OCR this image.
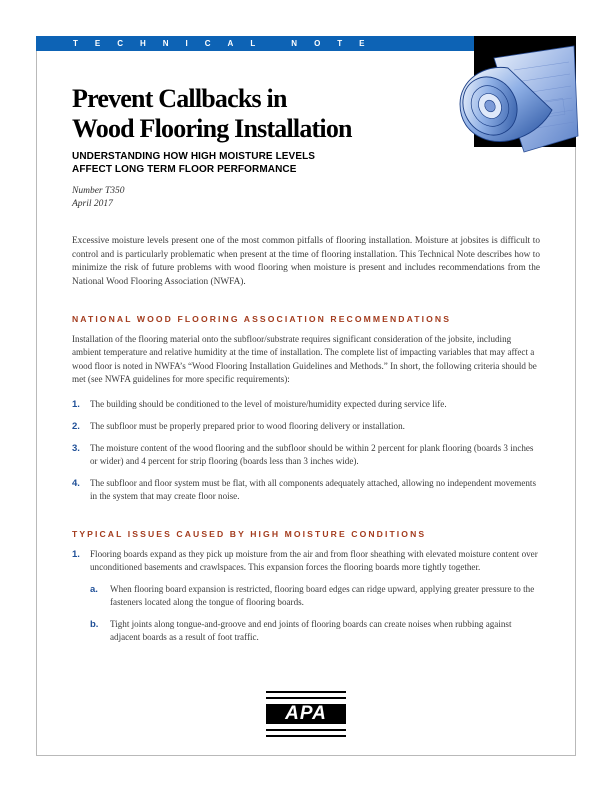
TECHNICAL NOTE
Prevent Callbacks in
Wood Flooring Installation
UNDERSTANDING HOW HIGH MOISTURE LEVELS
AFFECT LONG TERM FLOOR PERFORMANCE
Number T350
April 2017

Excessive moisture levels present one of the most common pitfalls of flooring installation. Moisture at jobsites is difficult to control and is particularly problematic when present at the time of flooring installation. This Technical Note describes how to minimize the risk of future problems with wood flooring when moisture is present and includes recommendations from the National Wood Flooring Association (NWFA).

NATIONAL WOOD FLOORING ASSOCIATION RECOMMENDATIONS

Installation of the flooring material onto the subfloor/substrate requires significant consideration of the jobsite, including ambient temperature and relative humidity at the time of installation. The complete list of impacting variables that may affect a wood floor is noted in NWFA’s “Wood Flooring Installation Guidelines and Methods.” In short, the following criteria should be met (see NWFA guidelines for more specific requirements):

1. The building should be conditioned to the level of moisture/humidity expected during service life.
2. The subfloor must be properly prepared prior to wood flooring delivery or installation.
3. The moisture content of the wood flooring and the subfloor should be within 2 percent for plank flooring (boards 3 inches or wider) and 4 percent for strip flooring (boards less than 3 inches wide).
4. The subfloor and floor system must be flat, with all components adequately attached, allowing no independent movements in the system that may create floor noise.
TYPICAL ISSUES CAUSED BY HIGH MOISTURE CONDITIONS
1. Flooring boards expand as they pick up moisture from the air and from floor sheathing with elevated moisture content over unconditioned basements and crawlspaces. This expansion forces the flooring boards more tightly together.
a. When flooring board expansion is restricted, flooring board edges can ridge upward, applying greater pressure to the fasteners located along the tongue of flooring boards.
b. Tight joints along tongue-and-groove and end joints of flooring boards can create noises when rubbing against adjacent boards as a result of foot traffic.
APA
